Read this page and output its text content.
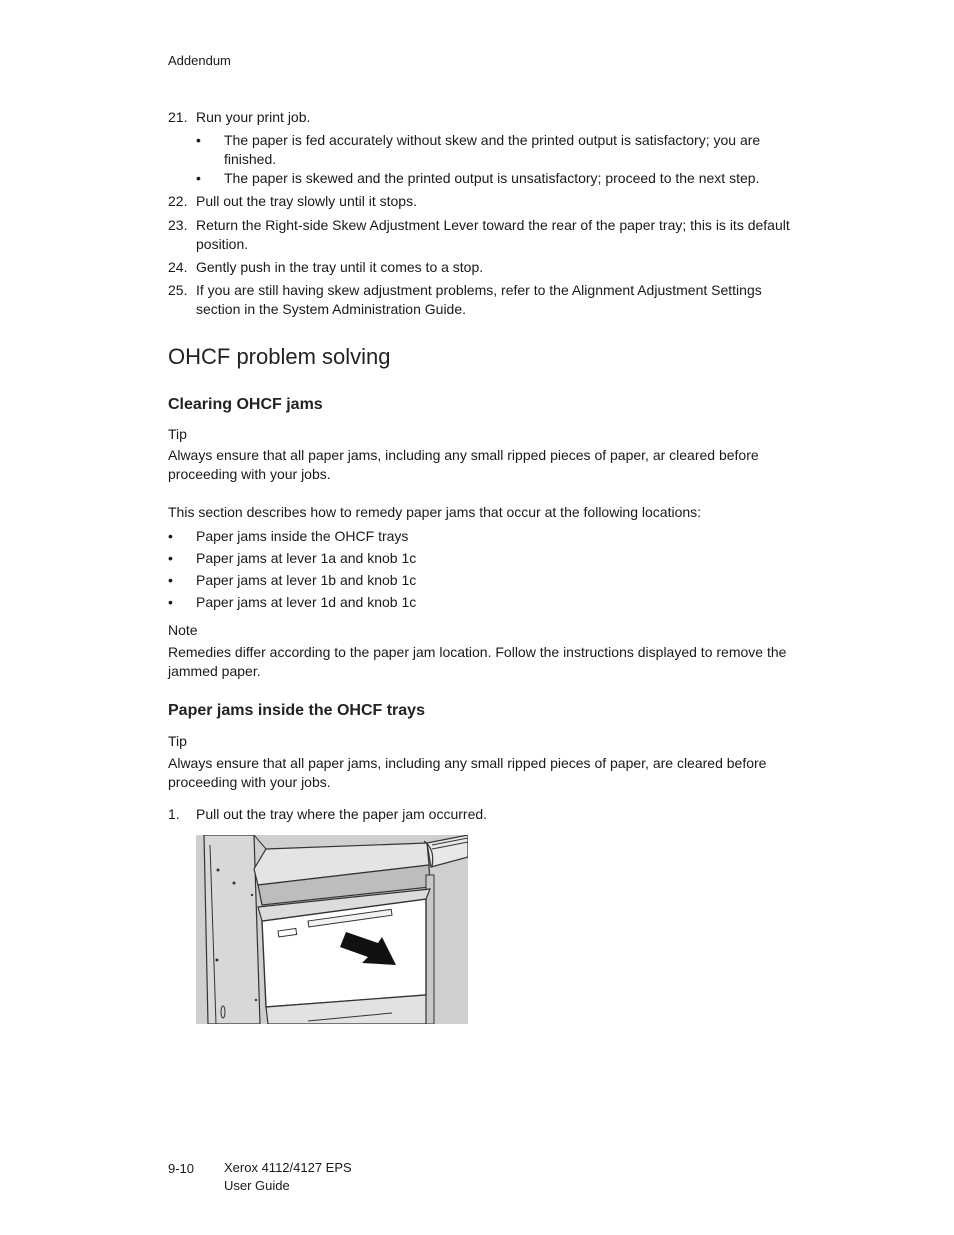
Addendum
21. Run your print job.
• The paper is fed accurately without skew and the printed output is satisfactory; you are finished.
• The paper is skewed and the printed output is unsatisfactory; proceed to the next step.
22. Pull out the tray slowly until it stops.
23. Return the Right-side Skew Adjustment Lever toward the rear of the paper tray; this is its default position.
24. Gently push in the tray until it comes to a stop.
25. If you are still having skew adjustment problems, refer to the Alignment Adjustment Settings section in the System Administration Guide.
OHCF problem solving
Clearing OHCF jams
Tip
Always ensure that all paper jams, including any small ripped pieces of paper, ar cleared before proceeding with your jobs.
This section describes how to remedy paper jams that occur at the following locations:
• Paper jams inside the OHCF trays
• Paper jams at lever 1a and knob 1c
• Paper jams at lever 1b and knob 1c
• Paper jams at lever 1d and knob 1c
Note
Remedies differ according to the paper jam location. Follow the instructions displayed to remove the jammed paper.
Paper jams inside the OHCF trays
Tip
Always ensure that all paper jams, including any small ripped pieces of paper, are cleared before proceeding with your jobs.
1. Pull out the tray where the paper jam occurred.
9-10 Xerox 4112/4127 EPS
User Guide
